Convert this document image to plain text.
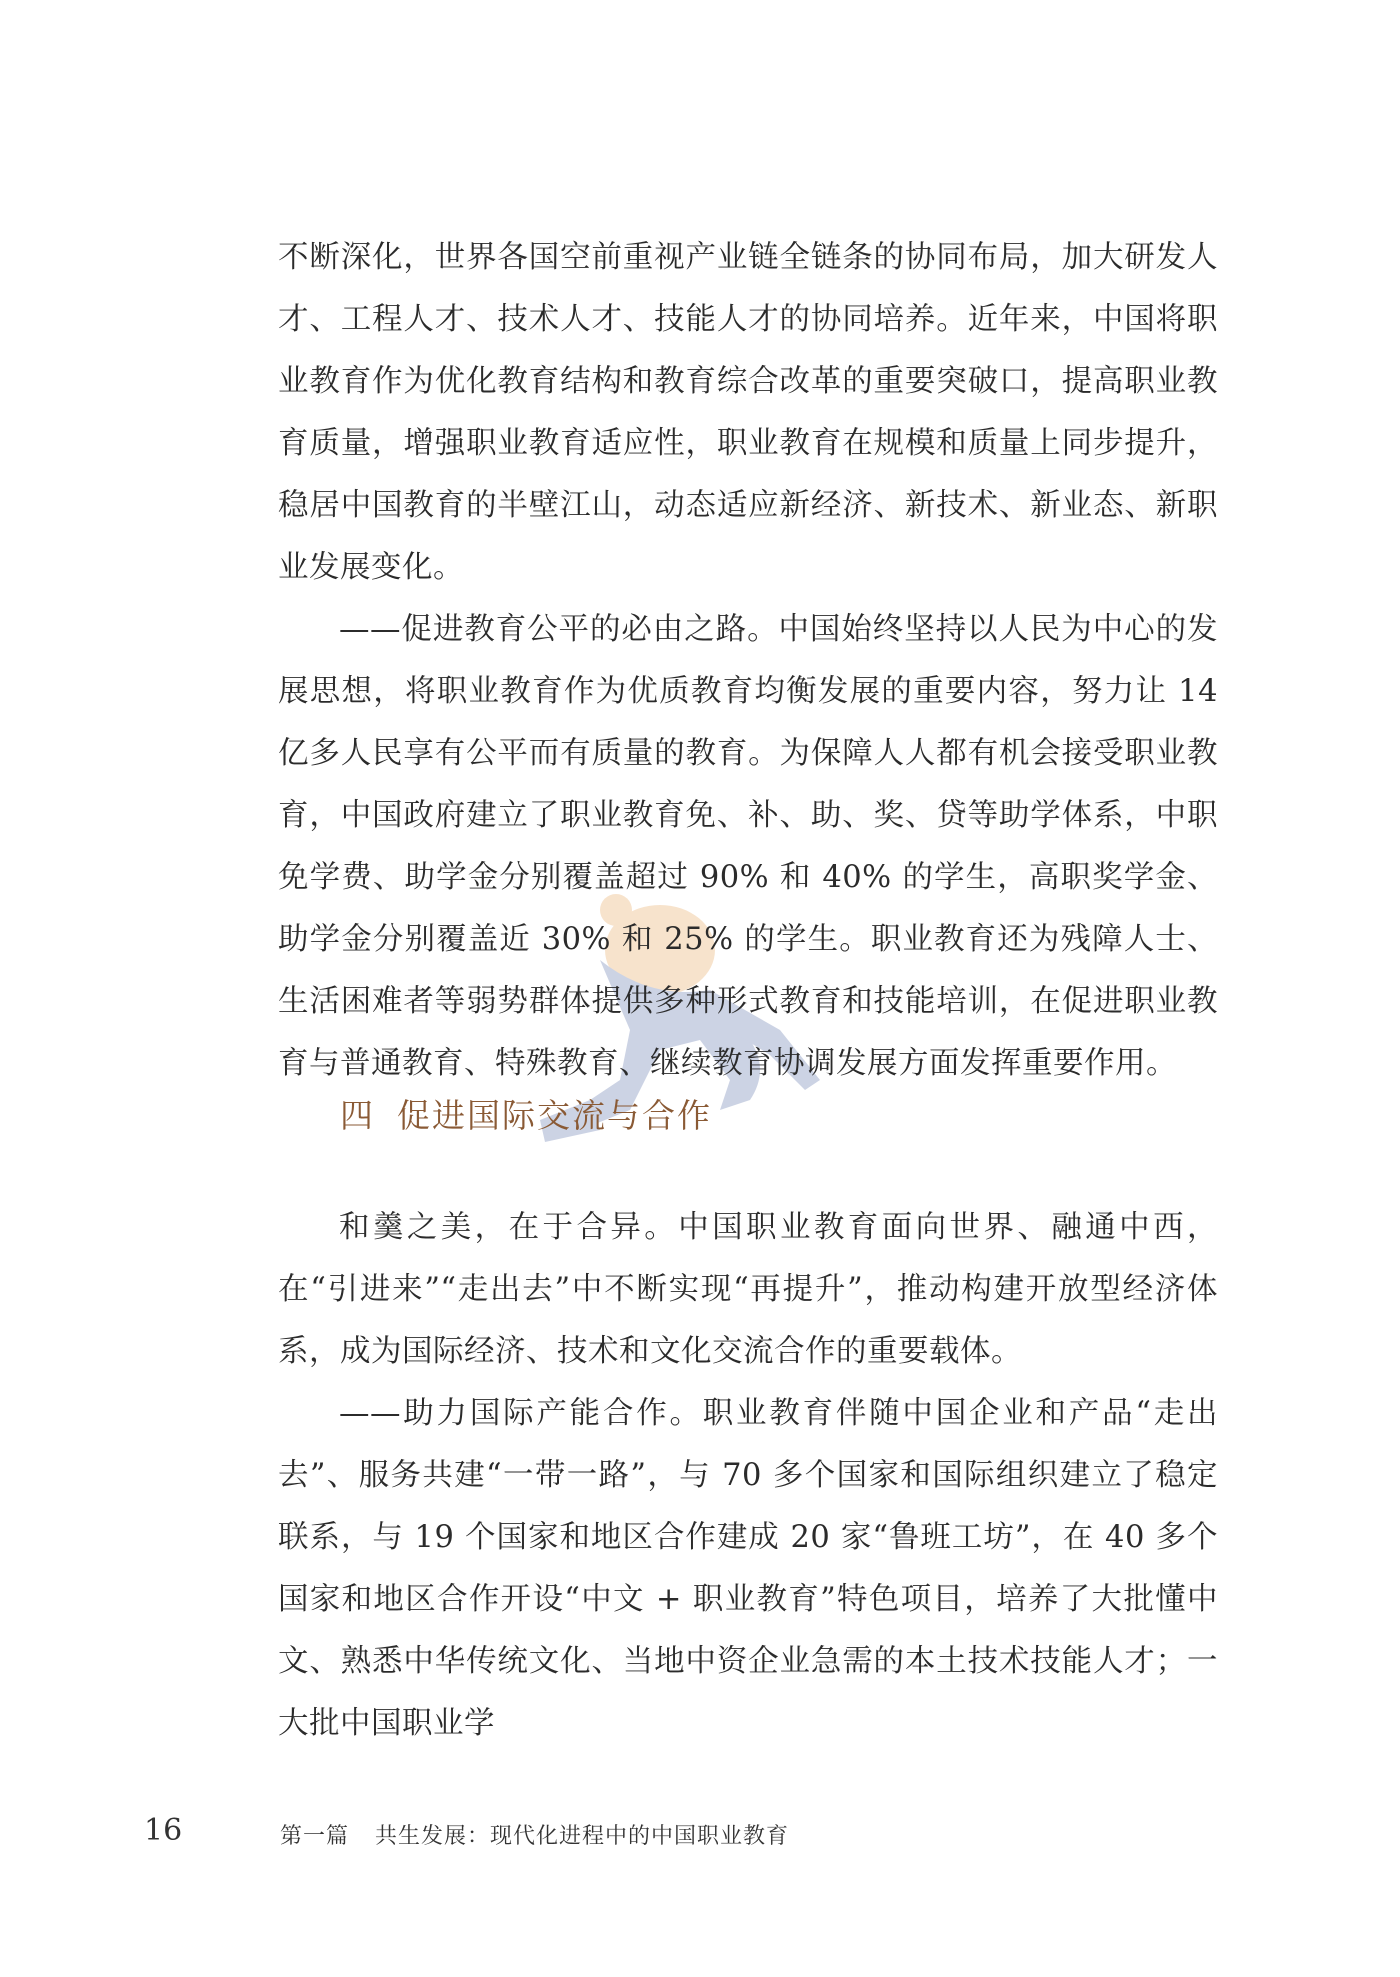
不断深化，世界各国空前重视产业链全链条的协同布局，加大研发人才、工程人才、技术人才、技能人才的协同培养。近年来，中国将职业教育作为优化教育结构和教育综合改革的重要突破口，提高职业教育质量，增强职业教育适应性，职业教育在规模和质量上同步提升，稳居中国教育的半壁江山，动态适应新经济、新技术、新业态、新职业发展变化。

——促进教育公平的必由之路。中国始终坚持以人民为中心的发展思想，将职业教育作为优质教育均衡发展的重要内容，努力让 14 亿多人民享有公平而有质量的教育。为保障人人都有机会接受职业教育，中国政府建立了职业教育免、补、助、奖、贷等助学体系，中职免学费、助学金分别覆盖超过 90% 和 40% 的学生，高职奖学金、助学金分别覆盖近 30% 和 25% 的学生。职业教育还为残障人士、生活困难者等弱势群体提供多种形式教育和技能培训，在促进职业教育与普通教育、特殊教育、继续教育协调发展方面发挥重要作用。

四 促进国际交流与合作

和羹之美，在于合异。中国职业教育面向世界、融通中西，在“引进来”“走出去”中不断实现“再提升”，推动构建开放型经济体系，成为国际经济、技术和文化交流合作的重要载体。

——助力国际产能合作。职业教育伴随中国企业和产品“走出去”、服务共建“一带一路”，与 70 多个国家和国际组织建立了稳定联系，与 19 个国家和地区合作建成 20 家“鲁班工坊”，在 40 多个国家和地区合作开设“中文 + 职业教育”特色项目，培养了大批懂中文、熟悉中华传统文化、当地中资企业急需的本土技术技能人才；一大批中国职业学

16	第一篇 共生发展：现代化进程中的中国职业教育
